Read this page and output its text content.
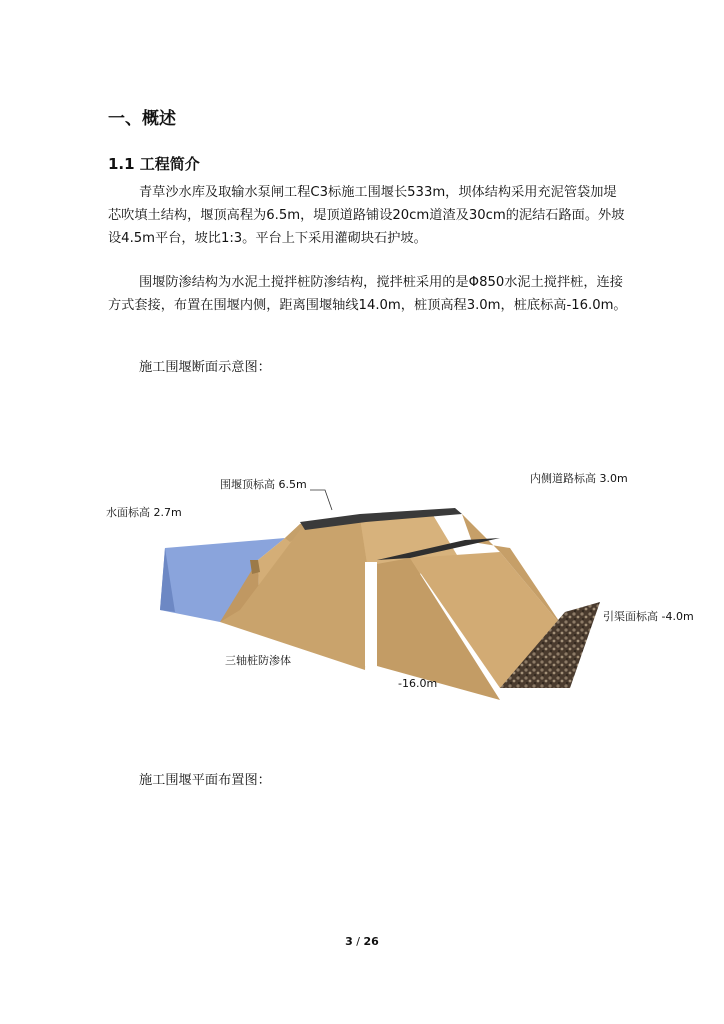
一、概述
1.1 工程简介
青草沙水库及取输水泵闸工程C3标施工围堰长533m，坝体结构采用充泥管袋加堤芯吹填土结构，堰顶高程为6.5m，堤顶道路铺设20cm道渣及30cm的泥结石路面。外坡设4.5m平台，坡比1:3。平台上下采用灌砌块石护坡。
围堰防渗结构为水泥土搅拌桩防渗结构，搅拌桩采用的是Φ850水泥土搅拌桩，连接方式套接，布置在围堰内侧，距离围堰轴线14.0m，桩顶高程3.0m，桩底标高-16.0m。
施工围堰断面示意图：
围堰顶标高 6.5m	内侧道路标高 3.0m
水面标高 2.7m
引渠面标高 -4.0m
三轴桩防渗体
-16.0m
施工围堰平面布置图：
3 / 26
